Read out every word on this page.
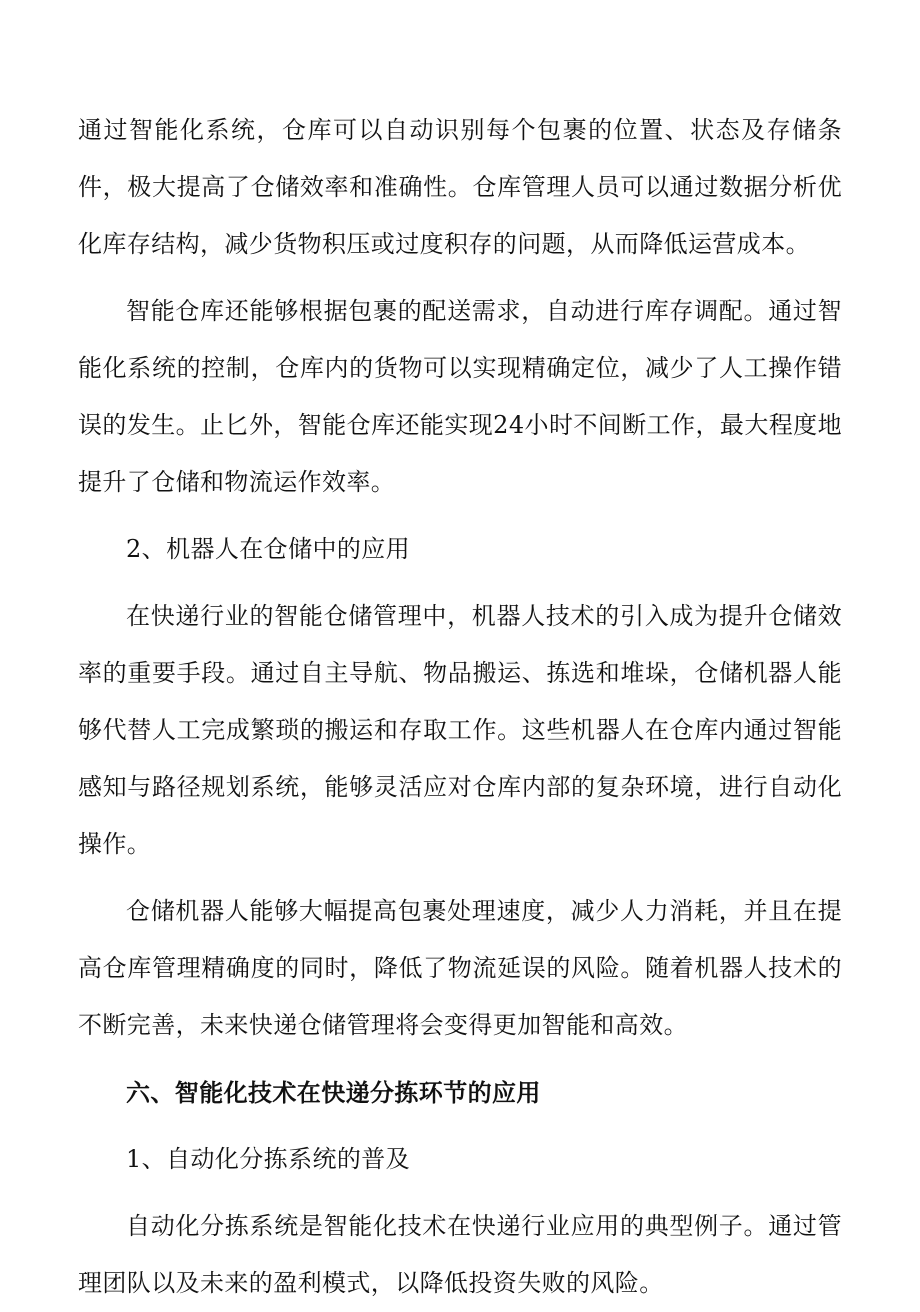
通过智能化系统，仓库可以自动识别每个包裹的位置、状态及存储条件，极大提高了仓储效率和准确性。仓库管理人员可以通过数据分析优化库存结构，减少货物积压或过度积存的问题，从而降低运营成本。

智能仓库还能够根据包裹的配送需求，自动进行库存调配。通过智能化系统的控制，仓库内的货物可以实现精确定位，减少了人工操作错误的发生。止匕外，智能仓库还能实现24小时不间断工作，最大程度地提升了仓储和物流运作效率。

2、机器人在仓储中的应用

在快递行业的智能仓储管理中，机器人技术的引入成为提升仓储效率的重要手段。通过自主导航、物品搬运、拣选和堆垛，仓储机器人能够代替人工完成繁琐的搬运和存取工作。这些机器人在仓库内通过智能感知与路径规划系统，能够灵活应对仓库内部的复杂环境，进行自动化操作。

仓储机器人能够大幅提高包裹处理速度，减少人力消耗，并且在提高仓库管理精确度的同时，降低了物流延误的风险。随着机器人技术的不断完善，未来快递仓储管理将会变得更加智能和高效。

六、智能化技术在快递分拣环节的应用

1、自动化分拣系统的普及

自动化分拣系统是智能化技术在快递行业应用的典型例子。通过管理团队以及未来的盈利模式，以降低投资失败的风险。
